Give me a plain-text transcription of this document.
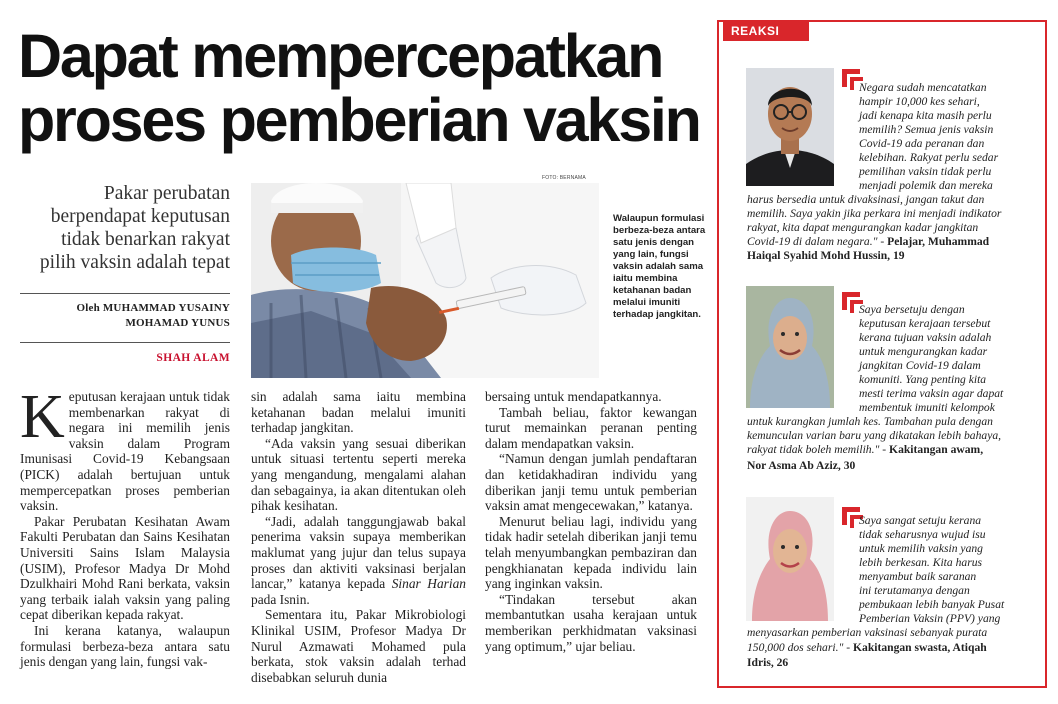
Dapat mempercepatkan
proses pemberian vaksin
Pakar perubatan
berpendapat keputusan
tidak benarkan rakyat
pilih vaksin adalah tepat
Oleh MUHAMMAD YUSAINY
MOHAMAD YUNUS
SHAH ALAM
FOTO: BERNAMA
Walaupun formulasi berbeza-beza antara satu jenis dengan yang lain, fungsi vaksin adalah sama iaitu membina ketahanan badan melalui imuniti terhadap jangkitan.

Keputusan kerajaan untuk tidak membenarkan rakyat di negara ini memilih jenis vaksin dalam Program Imunisasi Covid-19 Kebangsaan (PICK) adalah bertujuan untuk mempercepatkan proses pemberian vaksin.

Pakar Perubatan Kesihatan Awam Fakulti Perubatan dan Sains Kesihatan Universiti Sains Islam Malaysia (USIM), Profesor Madya Dr Mohd Dzulkhairi Mohd Rani berkata, vaksin yang terbaik ialah vaksin yang paling cepat diberikan kepada rakyat.

Ini kerana katanya, walaupun formulasi berbeza-beza antara satu jenis dengan yang lain, fungsi vak-

sin adalah sama iaitu membina ketahanan badan melalui imuniti terhadap jangkitan.

“Ada vaksin yang sesuai diberikan untuk situasi tertentu seperti mereka yang mengandung, mengalami alahan dan sebagainya, ia akan ditentukan oleh pihak kesihatan.

“Jadi, adalah tanggungjawab bakal penerima vaksin supaya memberikan maklumat yang jujur dan telus supaya proses dan aktiviti vaksinasi berjalan lancar,” katanya kepada Sinar Harian pada Isnin.

Sementara itu, Pakar Mikrobiologi Klinikal USIM, Profesor Madya Dr Nurul Azmawati Mohamed pula berkata, stok vaksin adalah terhad disebabkan seluruh dunia

bersaing untuk mendapatkannya.

Tambah beliau, faktor kewangan turut memainkan peranan penting dalam mendapatkan vaksin.

“Namun dengan jumlah pendaftaran dan ketidakhadiran individu yang diberikan janji temu untuk pemberian vaksin amat mengecewakan,” katanya.

Menurut beliau lagi, individu yang tidak hadir setelah diberikan janji temu telah menyumbangkan pembaziran dan pengkhianatan kepada individu lain yang inginkan vaksin.

“Tindakan tersebut akan membantutkan usaha kerajaan untuk memberikan perkhidmatan vaksinasi yang optimum,” ujar beliau.

REAKSI
Negara sudah mencatatkan
hampir 10,000 kes sehari,
jadi kenapa kita masih perlu
memilih? Semua jenis vaksin
Covid-19 ada peranan dan
kelebihan. Rakyat perlu sedar
pemilihan vaksin tidak perlu
menjadi polemik dan mereka
harus bersedia untuk divaksinasi, jangan takut dan
memilih. Saya yakin jika perkara ini menjadi indikator
rakyat, kita dapat mengurangkan kadar jangkitan
Covid-19 di dalam negara." - Pelajar, Muhammad
Haiqal Syahid Mohd Hussin, 19
Saya bersetuju dengan
keputusan kerajaan tersebut
kerana tujuan vaksin adalah
untuk mengurangkan kadar
jangkitan Covid-19 dalam
komuniti. Yang penting kita
mesti terima vaksin agar dapat
membentuk imuniti kelompok
untuk kurangkan jumlah kes. Tambahan pula dengan
kemunculan varian baru yang dikatakan lebih bahaya,
rakyat tidak boleh memilih." - Kakitangan awam,
Nor Asma Ab Aziz, 30
Saya sangat setuju kerana
tidak seharusnya wujud isu
untuk memilih vaksin yang
lebih berkesan. Kita harus
menyambut baik saranan
ini terutamanya dengan
pembukaan lebih banyak Pusat
Pemberian Vaksin (PPV) yang
menyasarkan pemberian vaksinasi sebanyak purata
150,000 dos sehari." - Kakitangan swasta, Atiqah
Idris, 26
